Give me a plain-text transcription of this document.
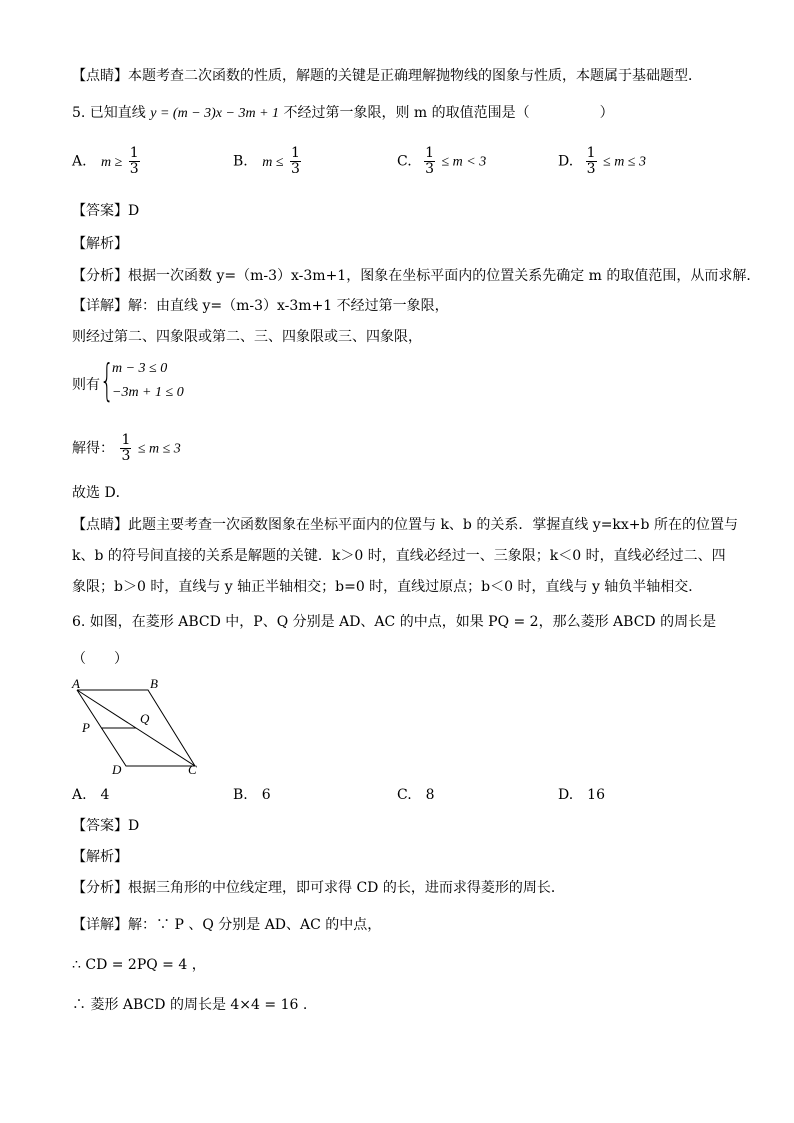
【点睛】本题考查二次函数的性质，解题的关键是正确理解抛物线的图象与性质，本题属于基础题型．
5. 已知直线 y = (m − 3)x − 3m + 1 不经过第一象限，则 m 的取值范围是（　　　　　）
A. $m \ge \frac{1}{3}$	B. $m \le \frac{1}{3}$	C. $\frac{1}{3} \le m < 3$	D. $\frac{1}{3} \le m \le 3$
【答案】D
【解析】
【分析】根据一次函数 y=（m-3）x-3m+1，图象在坐标平面内的位置关系先确定 m 的取值范围，从而求解．
【详解】解：由直线 y=（m-3）x-3m+1 不经过第一象限，
则经过第二、四象限或第二、三、四象限或三、四象限，
则有 {
m − 3 ≤ 0
−3m + 1 ≤ 0
解得： $\frac{1}{3} \le m \le 3$
故选 D．
【点睛】此题主要考查一次函数图象在坐标平面内的位置与 k、b 的关系．掌握直线 y=kx+b 所在的位置与
k、b 的符号间直接的关系是解题的关键．k＞0 时，直线必经过一、三象限；k＜0 时，直线必经过二、四
象限；b＞0 时，直线与 y 轴正半轴相交；b=0 时，直线过原点；b＜0 时，直线与 y 轴负半轴相交．
6. 如图，在菱形 ABCD 中，P、Q 分别是 AD、AC 的中点，如果 PQ = 2，那么菱形 ABCD 的周长是
（　　）
A	B
C
D
P
Q
A.　4	B.　6	C.　8	D.　16
【答案】D
【解析】
【分析】根据三角形的中位线定理，即可求得 CD 的长，进而求得菱形的周长．
【详解】解：∵ P 、Q 分别是 AD、AC 的中点，
∴ CD = 2PQ = 4 ，
∴ 菱形 ABCD 的周长是 4×4 = 16 .
